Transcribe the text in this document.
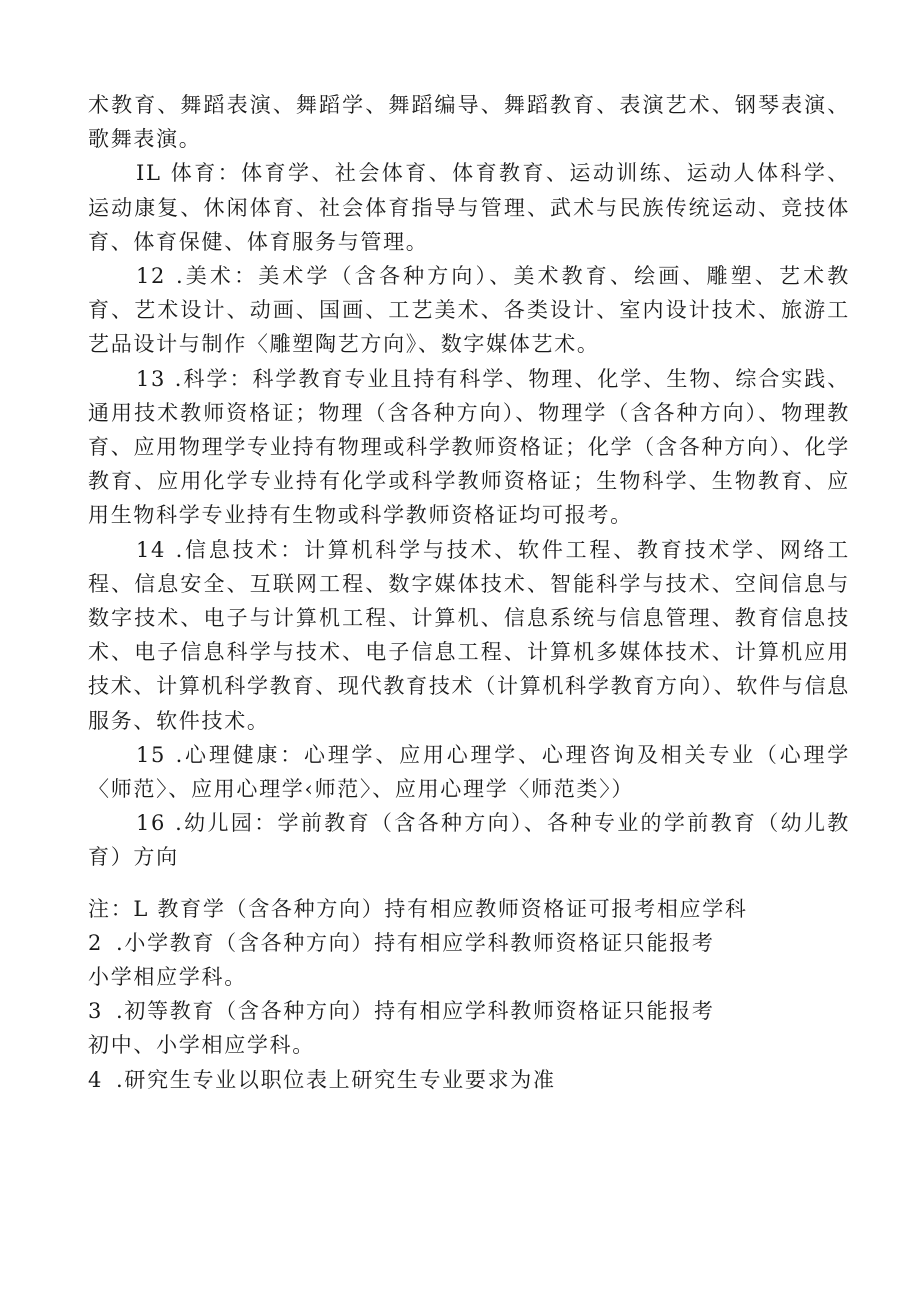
术教育、舞蹈表演、舞蹈学、舞蹈编导、舞蹈教育、表演艺术、钢琴表演、歌舞表演。

IL 体育：体育学、社会体育、体育教育、运动训练、运动人体科学、运动康复、休闲体育、社会体育指导与管理、武术与民族传统运动、竞技体育、体育保健、体育服务与管理。

12 .美术：美术学（含各种方向）、美术教育、绘画、雕塑、艺术教育、艺术设计、动画、国画、工艺美术、各类设计、室内设计技术、旅游工艺品设计与制作〈雕塑陶艺方向》、数字媒体艺术。

13 .科学：科学教育专业且持有科学、物理、化学、生物、综合实践、通用技术教师资格证；物理（含各种方向）、物理学（含各种方向）、物理教育、应用物理学专业持有物理或科学教师资格证；化学（含各种方向）、化学教育、应用化学专业持有化学或科学教师资格证；生物科学、生物教育、应用生物科学专业持有生物或科学教师资格证均可报考。

14 .信息技术：计算机科学与技术、软件工程、教育技术学、网络工程、信息安全、互联网工程、数字媒体技术、智能科学与技术、空间信息与数字技术、电子与计算机工程、计算机、信息系统与信息管理、教育信息技术、电子信息科学与技术、电子信息工程、计算机多媒体技术、计算机应用技术、计算机科学教育、现代教育技术（计算机科学教育方向）、软件与信息服务、软件技术。

15 .心理健康：心理学、应用心理学、心理咨询及相关专业（心理学〈师范〉、应用心理学‹师范〉、应用心理学〈师范类〉）

16 .幼儿园：学前教育（含各种方向）、各种专业的学前教育（幼儿教育）方向

注：L 教育学（含各种方向）持有相应教师资格证可报考相应学科

2 .小学教育（含各种方向）持有相应学科教师资格证只能报考

小学相应学科。

3 .初等教育（含各种方向）持有相应学科教师资格证只能报考

初中、小学相应学科。

4 .研究生专业以职位表上研究生专业要求为准
